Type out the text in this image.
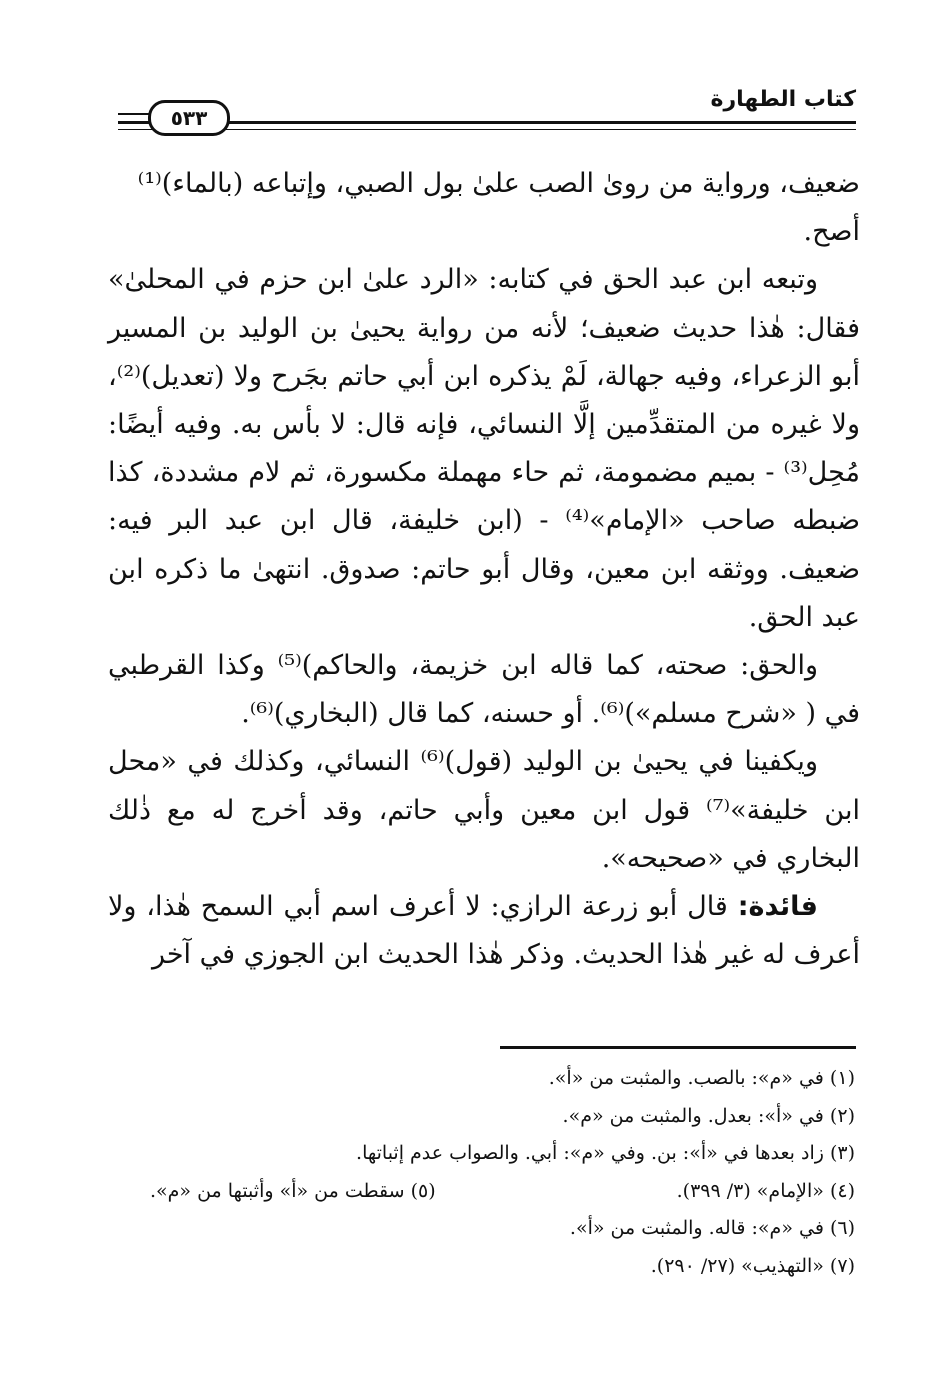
كتاب الطهارة
٥٣٣

ضعيف، ورواية من روىٰ الصب علىٰ بول الصبي، وإتباعه (بالماء)⁽¹⁾

أصح.

وتبعه ابن عبد الحق في كتابه: «الرد علىٰ ابن حزم في المحلىٰ» فقال: هٰذا حديث ضعيف؛ لأنه من رواية يحيىٰ بن الوليد بن المسير أبو الزعراء، وفيه جهالة، لَمْ يذكره ابن أبي حاتم بجَرح ولا (تعديل)⁽²⁾، ولا غيره من المتقدِّمين إلَّا النسائي، فإنه قال: لا بأس به. وفيه أيضًا: مُحِل⁽³⁾ - بميم مضمومة، ثم حاء مهملة مكسورة، ثم لام مشددة، كذا ضبطه صاحب «الإمام»⁽⁴⁾ - (ابن خليفة، قال ابن عبد البر فيه: ضعيف. ووثقه ابن معين، وقال أبو حاتم: صدوق. انتهىٰ ما ذكره ابن عبد الحق.

والحق: صحته، كما قاله ابن خزيمة، والحاكم)⁽⁵⁾ وكذا القرطبي في ( «شرح مسلم»)⁽⁶⁾. أو حسنه، كما قال (البخاري)⁽⁶⁾.

ويكفينا في يحيىٰ بن الوليد (قول)⁽⁶⁾ النسائي، وكذلك في «محل ابن خليفة»⁽⁷⁾ قول ابن معين وأبي حاتم، وقد أخرج له مع ذٰلك البخاري في «صحيحه».

فائدة: قال أبو زرعة الرازي: لا أعرف اسم أبي السمح هٰذا، ولا أعرف له غير هٰذا الحديث. وذكر هٰذا الحديث ابن الجوزي في آخر

(١) في «م»: بالصب. والمثبت من «أ».
(٢) في «أ»: بعدل. والمثبت من «م».
(٣) زاد بعدها في «أ»: بن. وفي «م»: أبي. والصواب عدم إثباتها.
(٤) «الإمام» (٣/ ٣٩٩).
(٥) سقطت من «أ» وأثبتها من «م».
(٦) في «م»: قاله. والمثبت من «أ».
(٧) «التهذيب» (٢٧/ ٢٩٠).
